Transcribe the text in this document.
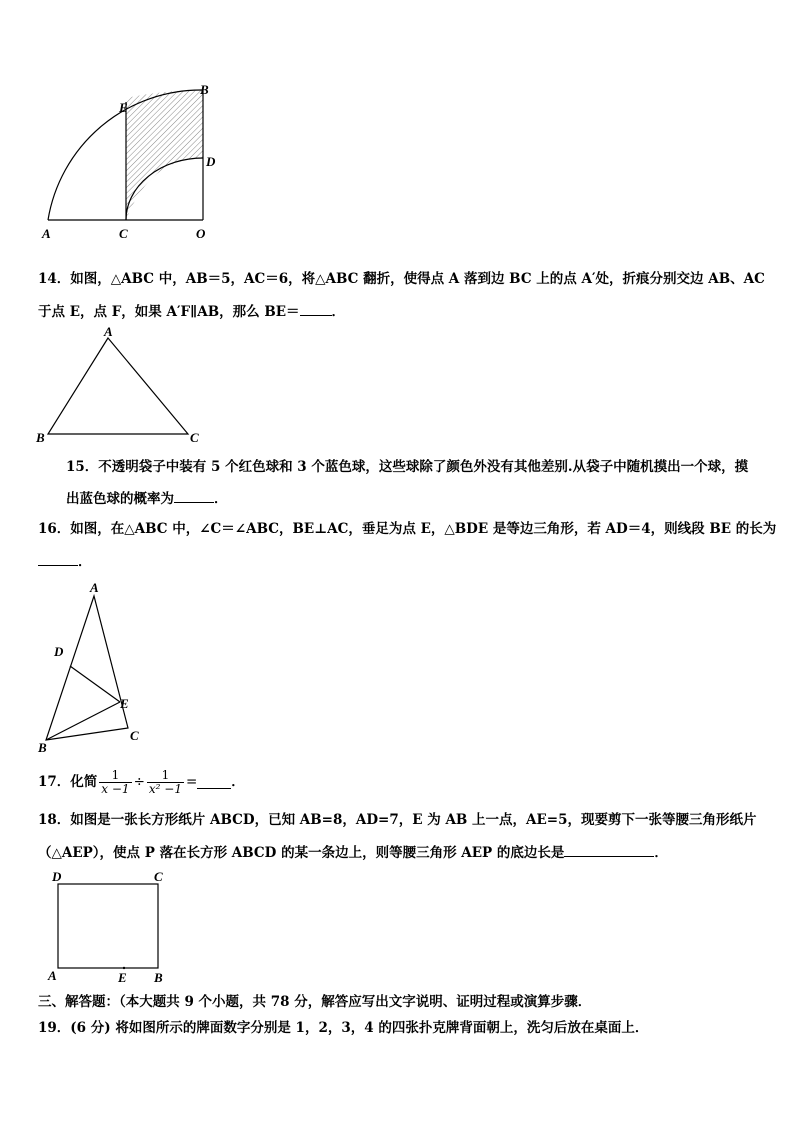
A	C	O
E
B
D
14．如图，△ABC 中，AB＝5，AC＝6，将△ABC 翻折，使得点 A 落到边 BC 上的点 A′处，折痕分别交边 AB、AC
于点 E，点 F，如果 A′F∥AB，那么 BE＝ ．
A
B	C
15．不透明袋子中装有 5 个红色球和 3 个蓝色球，这些球除了颜色外没有其他差别.从袋子中随机摸出一个球，摸
出蓝色球的概率为	．
16．如图，在△ABC 中，∠C＝∠ABC，BE⊥AC，垂足为点 E，△BDE 是等边三角形，若 AD＝4，则线段 BE 的长为
．
A
D
E
B
C
17．化简 $\frac{1}{x -1} \div \frac{1}{\text{x² −1}}$ =	．
18．如图是一张长方形纸片 ABCD，已知 AB=8，AD=7，E 为 AB 上一点，AE=5，现要剪下一张等腰三角形纸片
（△AEP），使点 P 落在长方形 ABCD 的某一条边上，则等腰三角形 AEP 的底边长是	．
D	C
A	E B
三、解答题：（本大题共 9 个小题，共 78 分，解答应写出文字说明、证明过程或演算步骤．
19．(6 分) 将如图所示的牌面数字分别是 1，2，3，4 的四张扑克牌背面朝上，洗匀后放在桌面上．
